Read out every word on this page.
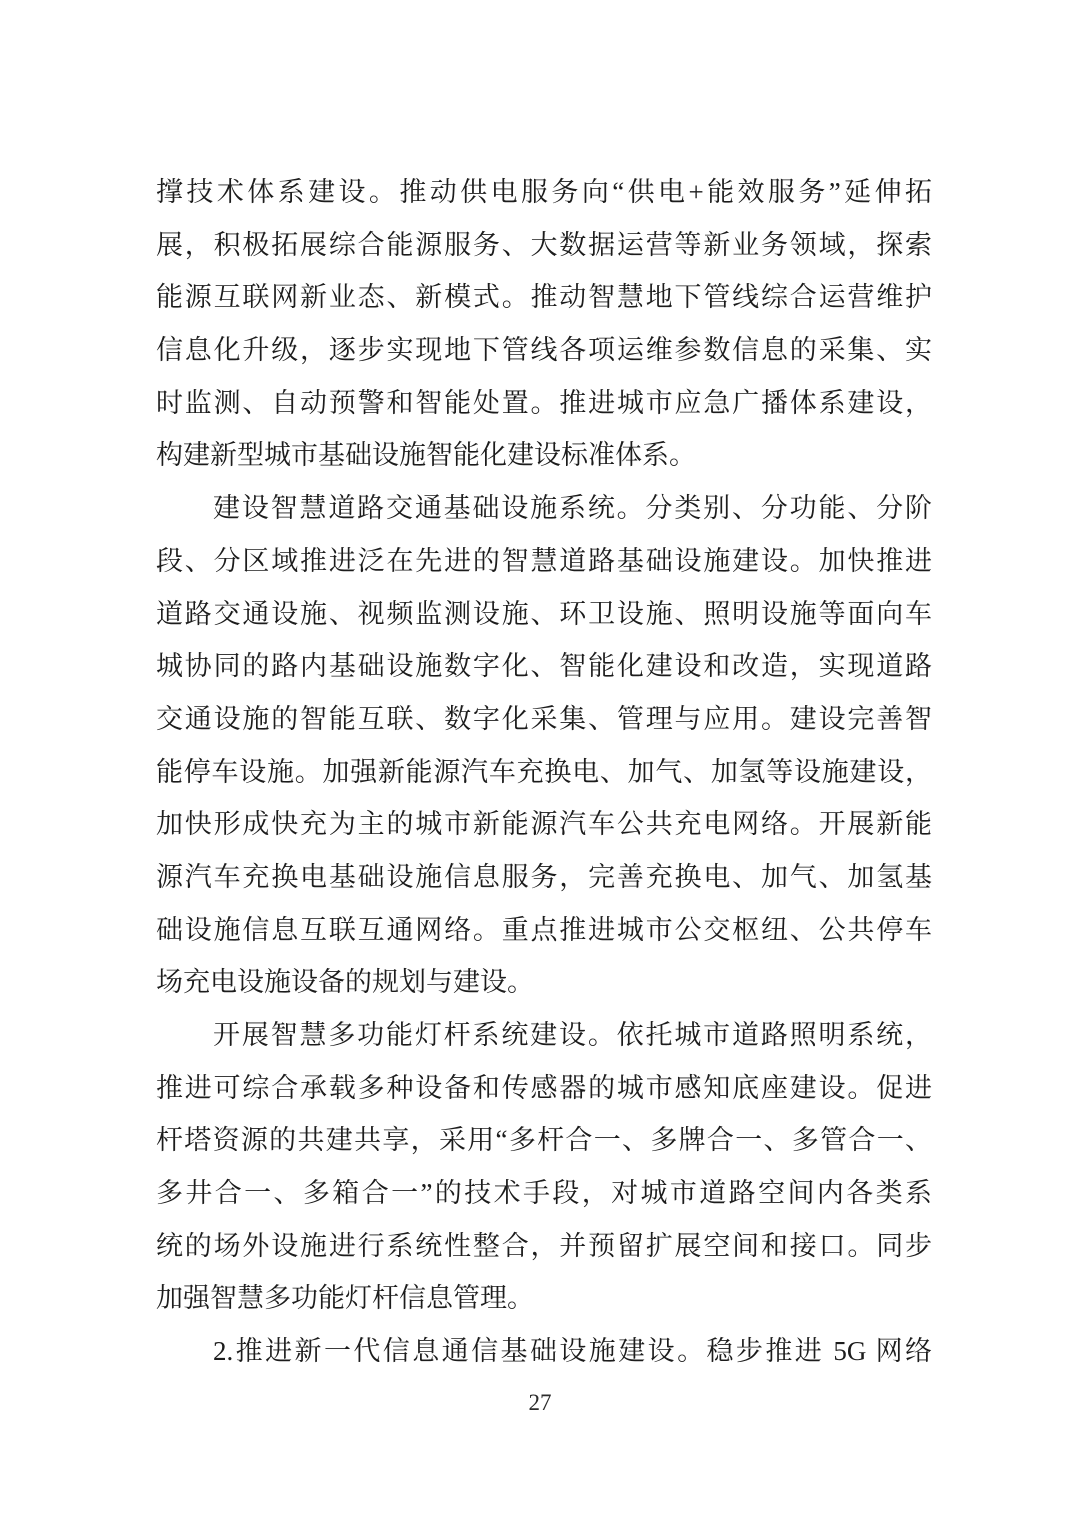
撑技术体系建设。推动供电服务向“供电+能效服务”延伸拓
展，积极拓展综合能源服务、大数据运营等新业务领域，探索
能源互联网新业态、新模式。推动智慧地下管线综合运营维护
信息化升级，逐步实现地下管线各项运维参数信息的采集、实
时监测、自动预警和智能处置。推进城市应急广播体系建设，
构建新型城市基础设施智能化建设标准体系。
建设智慧道路交通基础设施系统。分类别、分功能、分阶
段、分区域推进泛在先进的智慧道路基础设施建设。加快推进
道路交通设施、视频监测设施、环卫设施、照明设施等面向车
城协同的路内基础设施数字化、智能化建设和改造，实现道路
交通设施的智能互联、数字化采集、管理与应用。建设完善智
能停车设施。加强新能源汽车充换电、加气、加氢等设施建设，
加快形成快充为主的城市新能源汽车公共充电网络。开展新能
源汽车充换电基础设施信息服务，完善充换电、加气、加氢基
础设施信息互联互通网络。重点推进城市公交枢纽、公共停车
场充电设施设备的规划与建设。
开展智慧多功能灯杆系统建设。依托城市道路照明系统，
推进可综合承载多种设备和传感器的城市感知底座建设。促进
杆塔资源的共建共享，采用“多杆合一、多牌合一、多管合一、
多井合一、多箱合一”的技术手段，对城市道路空间内各类系
统的场外设施进行系统性整合，并预留扩展空间和接口。同步
加强智慧多功能灯杆信息管理。
2.推进新一代信息通信基础设施建设。稳步推进 5G 网络
27
